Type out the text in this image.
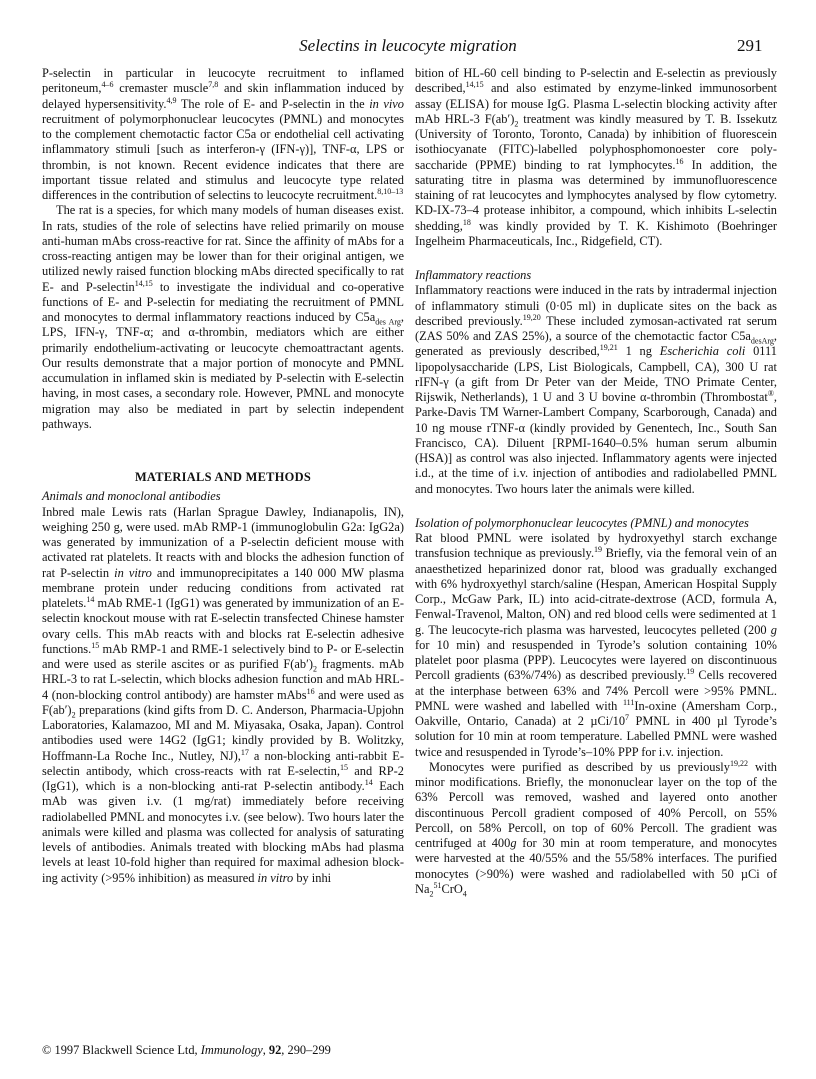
Selectins in leucocyte migration	291

P-selectin in particular in leucocyte recruitment to inflamed peritoneum,$^{4-6}$ cremaster muscle$^{7,8}$ and skin inflammation induced by delayed hypersensitivity.$^{4,9}$ The role of E- and P-selectin in the in vivo recruitment of polymorphonuclear leucocytes (PMNL) and monocytes to the complement chemotactic factor C5a or endothelial cell activating inflammatory stimuli [such as interferon-γ (IFN-γ)], TNF-α, LPS or thrombin, is not known. Recent evidence indicates that there are important tissue related and stimulus and leucocyte type related differences in the contribution of selectins to leucocyte recruitment.$^{8,10-13}$

The rat is a species, for which many models of human diseases exist. In rats, studies of the role of selectins have relied primarily on mouse anti-human mAbs cross-reactive for rat. Since the affinity of mAbs for a cross-reacting antigen may be lower than for their original antigen, we utilized newly raised function blocking mAbs directed specifically to rat E- and P-selectin$^{14,15}$ to investigate the individual and co-operative functions of E- and P-selectin for mediating the recruitment of PMNL and monocytes to dermal inflammatory reactions induced by $C5a_{des Arg}$, LPS, IFN-γ, TNF-α; and α-thrombin, mediators which are either primarily endothelium-activating or leucocyte chemoattractant agents. Our results demonstrate that a major portion of monocyte and PMNL accumulation in inflamed skin is mediated by P-selectin with E-selectin having, in most cases, a secondary role. However, PMNL and monocyte migration may also be mediated in part by selectin independent pathways.

MATERIALS AND METHODS
Animals and monoclonal antibodies

Inbred male Lewis rats (Harlan Sprague Dawley, Indianapolis, IN), weighing 250 g, were used. mAb RMP-1 (immunoglobulin G2a: IgG2a) was generated by immunization of a P-selectin deficient mouse with activated rat platelets. It reacts with and blocks the adhesion function of rat P-selectin in vitro and immunoprecipitates a 140 000 MW plasma membrane protein under reducing conditions from activated rat platelets.$^{14}$ mAb RME-1 (IgG1) was generated by immunization of an E-selectin knockout mouse with rat E-selectin transfected Chinese hamster ovary cells. This mAb reacts with and blocks rat E-selectin adhesive functions.$^{15}$ mAb RMP-1 and RME-1 selectively bind to P- or E-selectin and were used as sterile ascites or as purified $F(ab')_2$ fragments. mAb HRL-3 to rat L-selectin, which blocks adhesion function and mAb HRL-4 (non-blocking control antibody) are hamster mAbs$^{16}$ and were used as $F(ab')_2$ preparations (kind gifts from D. C. Anderson, Pharmacia-Upjohn Laboratories, Kalamazoo, MI and M. Miyasaka, Osaka, Japan). Control antibodies used were 14G2 (IgG1; kindly provided by B. Wolitzky, Hoffmann-La Roche Inc., Nutley, NJ),$^{17}$ a non-blocking anti-rabbit E-selectin antibody, which cross-reacts with rat E-selectin,$^{15}$ and RP-2 (IgG1), which is a non-blocking anti-rat P-selectin antibody.$^{14}$ Each mAb was given i.v. (1 mg/rat) immediately before receiving radiolabelled PMNL and monocytes i.v. (see below). Two hours later the animals were killed and plasma was collected for analysis of saturating levels of antibodies. Animals treated with blocking mAbs had plasma levels at least 10-fold higher than required for maximal adhesion blocking activity (>95% inhibition) as measured in vitro by inhi

bition of HL-60 cell binding to P-selectin and E-selectin as previously described,$^{14,15}$ and also estimated by enzyme-linked immunosorbent assay (ELISA) for mouse IgG. Plasma L-selectin blocking activity after mAb HRL-3 $F(ab')_2$ treatment was kindly measured by T. B. Issekutz (University of Toronto, Toronto, Canada) by inhibition of fluorescein isothiocyanate (FITC)-labelled polyphosphomonoester core polysaccharide (PPME) binding to rat lymphocytes.$^{16}$ In addition, the saturating titre in plasma was determined by immunofluorescence staining of rat leucocytes and lymphocytes analysed by flow cytometry. KD-IX-73–4 protease inhibitor, a compound, which inhibits L-selectin shedding,$^{18}$ was kindly provided by T. K. Kishimoto (Boehringer Ingelheim Pharmaceuticals, Inc., Ridgefield, CT).

Inflammatory reactions

Inflammatory reactions were induced in the rats by intradermal injection of inflammatory stimuli (0·05 ml) in duplicate sites on the back as described previously.$^{19,20}$ These included zymosan-activated rat serum (ZAS 50% and ZAS 25%), a source of the chemotactic factor $C5a_{desArg}$, generated as previously described,$^{19,21}$ 1 ng Escherichia coli 0111 lipopolysaccharide (LPS, List Biologicals, Campbell, CA), 300 U rat rIFN-γ (a gift from Dr Peter van der Meide, TNO Primate Center, Rijswik, Netherlands), 1 U and 3 U bovine α-thrombin (Thrombostat®, Parke-Davis TM Warner-Lambert Company, Scarborough, Canada) and 10 ng mouse rTNF-α (kindly provided by Genentech, Inc., South San Francisco, CA). Diluent [RPMI-1640–0.5% human serum albumin (HSA)] as control was also injected. Inflammatory agents were injected i.d., at the time of i.v. injection of antibodies and radiolabelled PMNL and monocytes. Two hours later the animals were killed.

Isolation of polymorphonuclear leucocytes (PMNL) and monocytes

Rat blood PMNL were isolated by hydroxyethyl starch exchange transfusion technique as previously.$^{19}$ Briefly, via the femoral vein of an anaesthetized heparinized donor rat, blood was gradually exchanged with 6% hydroxyethyl starch/saline (Hespan, American Hospital Supply Corp., McGaw Park, IL) into acid-citrate-dextrose (ACD, formula A, Fenwal-Travenol, Malton, ON) and red blood cells were sedimented at 1 g. The leucocyte-rich plasma was harvested, leucocytes pelleted (200 g for 10 min) and resuspended in Tyrode’s solution containing 10% platelet poor plasma (PPP). Leucocytes were layered on discontinuous Percoll gradients (63%/74%) as described previously.$^{19}$ Cells recovered at the interphase between 63% and 74% Percoll were >95% PMNL. PMNL were washed and labelled with $^{111}$In-oxine (Amersham Corp., Oakville, Ontario, Canada) at 2 µCi/$10^7$ PMNL in 400 µl Tyrode’s solution for 10 min at room temperature. Labelled PMNL were washed twice and resuspended in Tyrode’s–10% PPP for i.v. injection.

Monocytes were purified as described by us previously$^{19,22}$ with minor modifications. Briefly, the mononuclear layer on the top of the 63% Percoll was removed, washed and layered onto another discontinuous Percoll gradient composed of 40% Percoll, on 55% Percoll, on 58% Percoll, on top of 60% Percoll. The gradient was centrifuged at 400g for 30 min at room temperature, and monocytes were harvested at the 40/55% and the 55/58% interfaces. The purified monocytes (>90%) were washed and radiolabelled with 50 µCi of $Na_2^{51}CrO_4$

© 1997 Blackwell Science Ltd, Immunology, 92, 290–299
